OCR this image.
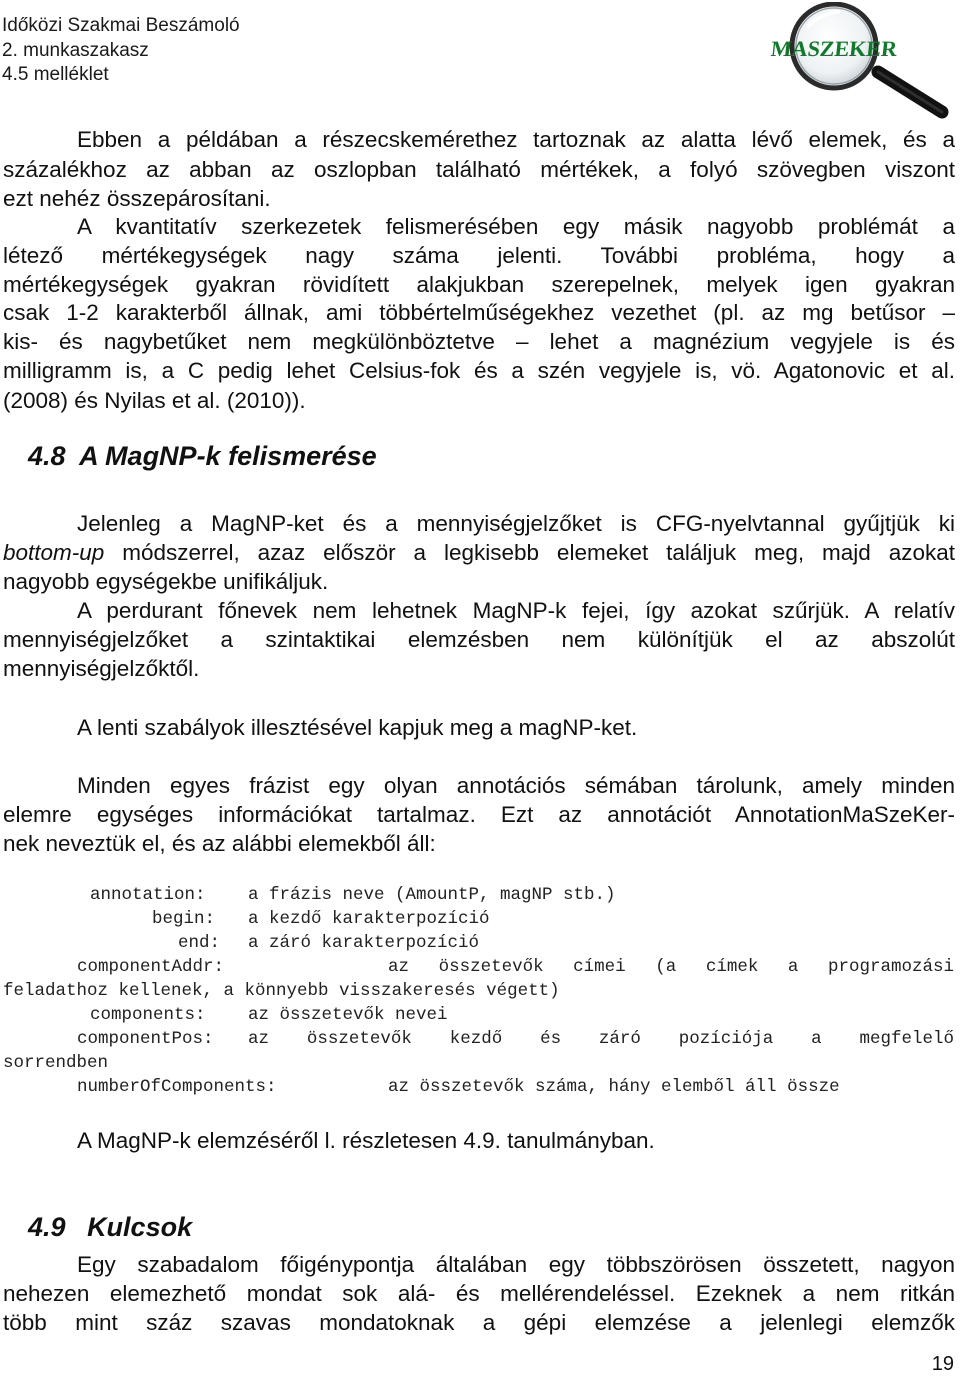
Időközi Szakmai Beszámoló
2. munkaszakasz
4.5 melléklet
MASZEKER
Ebben a példában a részecskemérethez tartoznak az alatta lévő elemek, és a
százalékhoz az abban az oszlopban található mértékek, a folyó szövegben viszont
ezt nehéz összepárosítani.
A kvantitatív szerkezetek felismerésében egy másik nagyobb problémát a
létező mértékegységek nagy száma jelenti. További probléma, hogy a
mértékegységek gyakran rövidített alakjukban szerepelnek, melyek igen gyakran
csak 1-2 karakterből állnak, ami többértelműségekhez vezethet (pl. az mg betűsor –
kis- és nagybetűket nem megkülönböztetve – lehet a magnézium vegyjele is és
milligramm is, a C pedig lehet Celsius-fok és a szén vegyjele is, vö. Agatonovic et al.
(2008) és Nyilas et al. (2010)).
4.8 A MagNP-k felismerése
Jelenleg a MagNP-ket és a mennyiségjelzőket is CFG-nyelvtannal gyűjtjük ki
bottom-up módszerrel, azaz először a legkisebb elemeket találjuk meg, majd azokat
nagyobb egységekbe unifikáljuk.
A perdurant főnevek nem lehetnek MagNP-k fejei, így azokat szűrjük. A relatív
mennyiségjelzőket a szintaktikai elemzésben nem különítjük el az abszolút
mennyiségjelzőktől.
A lenti szabályok illesztésével kapjuk meg a magNP-ket.
Minden egyes frázist egy olyan annotációs sémában tárolunk, amely minden
elemre egységes információkat tartalmaz. Ezt az annotációt AnnotationMaSzeKer-
nek neveztük el, és az alábbi elemekből áll:
annotation: a frázis neve (AmountP, magNP stb.)
begin: a kezdő karakterpozíció
end: a záró karakterpozíció
componentAddr:	az összetevők címei (a címek a programozási
feladathoz kellenek, a könnyebb visszakeresés végett)
components: az összetevők nevei
componentPos: az összetevők kezdő és záró pozíciója a megfelelő
sorrendben
numberOfComponents:	az összetevők száma, hány elemből áll össze
A MagNP-k elemzéséről l. részletesen 4.9. tanulmányban.
4.9 Kulcsok
Egy szabadalom főigénypontja általában egy többszörösen összetett, nagyon
nehezen elemezhető mondat sok alá- és mellérendeléssel. Ezeknek a nem ritkán
több mint száz szavas mondatoknak a gépi elemzése a jelenlegi elemzők
19
